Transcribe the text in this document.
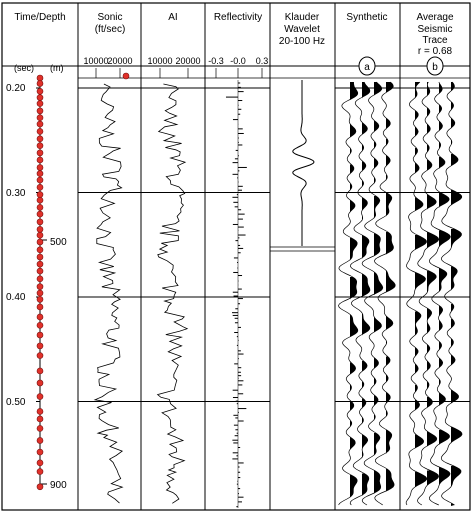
Time/Depth	Sonic
(ft/sec)
AI	Reflectivity Klauder
Wavelet
20-100 Hz
Synthetic	Average
Seismic
Trace
r = 0.68
(sec) (m)
10000
20000 10000 20000 -0.3 -0.0 0.3
a	b
0.20
0.30
0.40
0.50
500
900
